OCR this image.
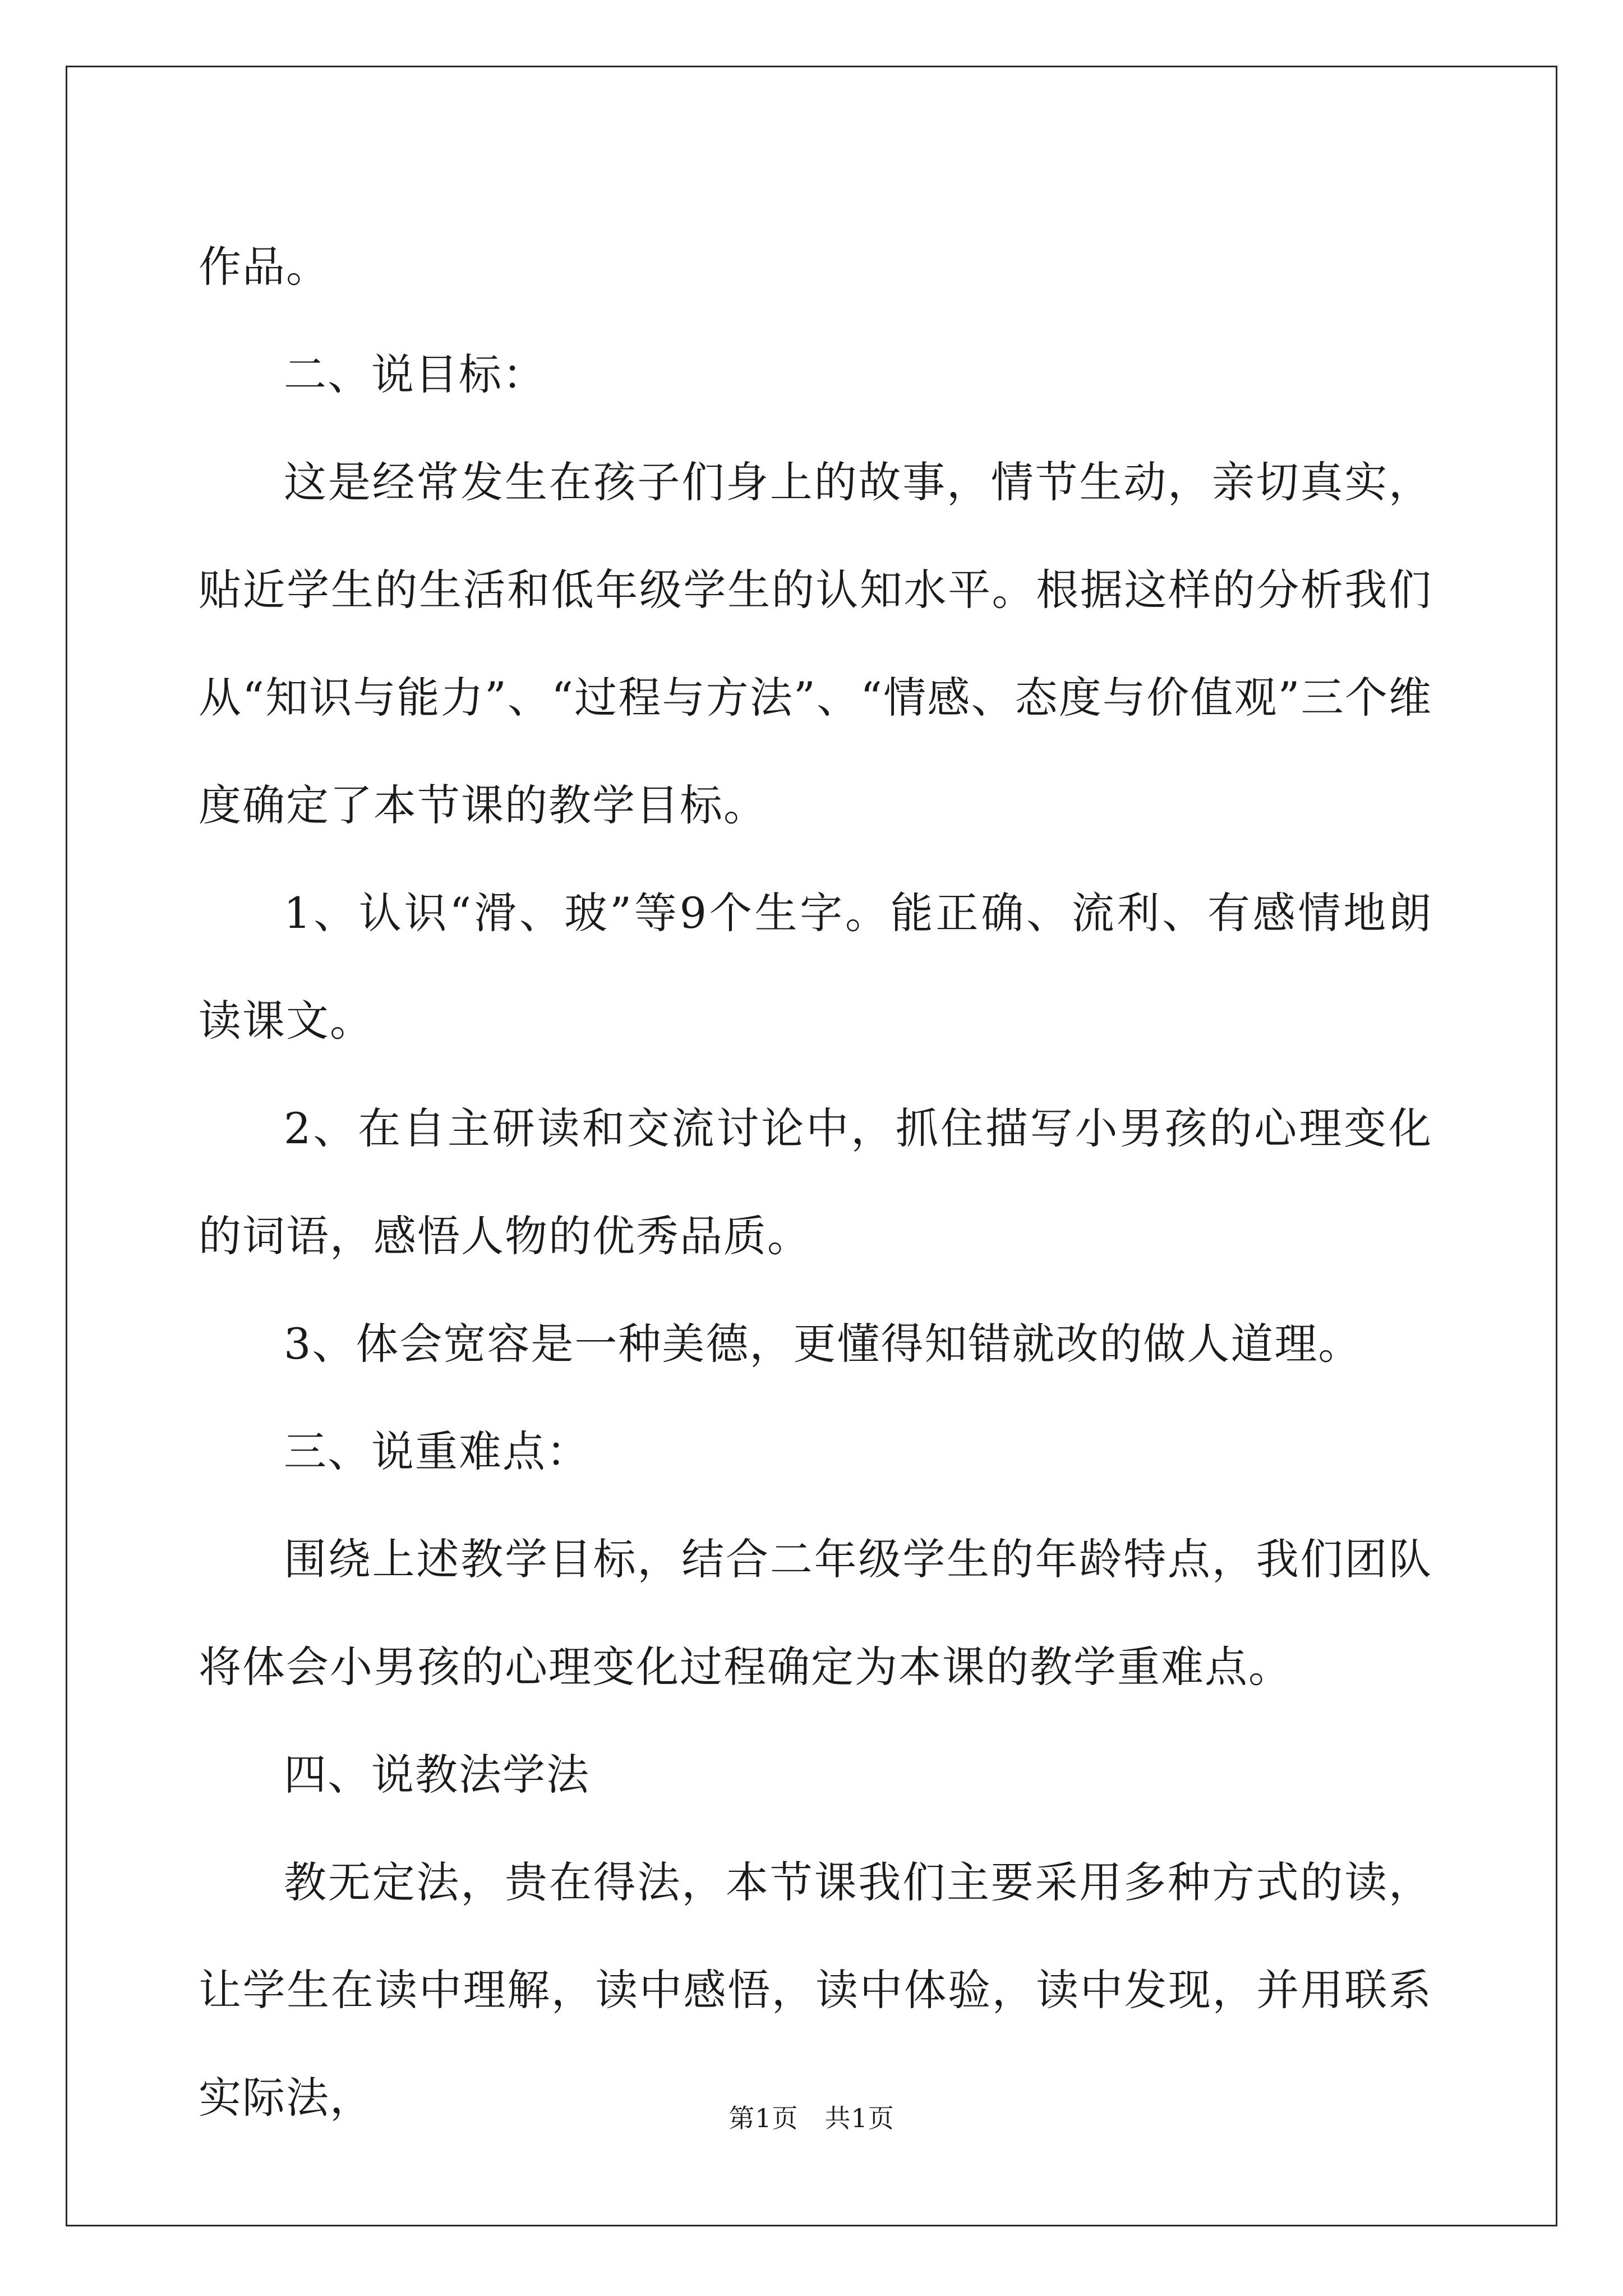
作品。

二、说目标：

这是经常发生在孩子们身上的故事，情节生动，亲切真实，贴近学生的生活和低年级学生的认知水平。根据这样的分析我们从“知识与能力”、“过程与方法”、“情感、态度与价值观”三个维度确定了本节课的教学目标。

1、认识“滑、玻”等9个生字。能正确、流利、有感情地朗读课文。

2、在自主研读和交流讨论中，抓住描写小男孩的心理变化的词语，感悟人物的优秀品质。

3、体会宽容是一种美德，更懂得知错就改的做人道理。

三、说重难点：

围绕上述教学目标，结合二年级学生的年龄特点，我们团队将体会小男孩的心理变化过程确定为本课的教学重难点。

四、说教法学法

教无定法，贵在得法，本节课我们主要采用多种方式的读，让学生在读中理解，读中感悟，读中体验，读中发现，并用联系实际法，	第1页 共1页
